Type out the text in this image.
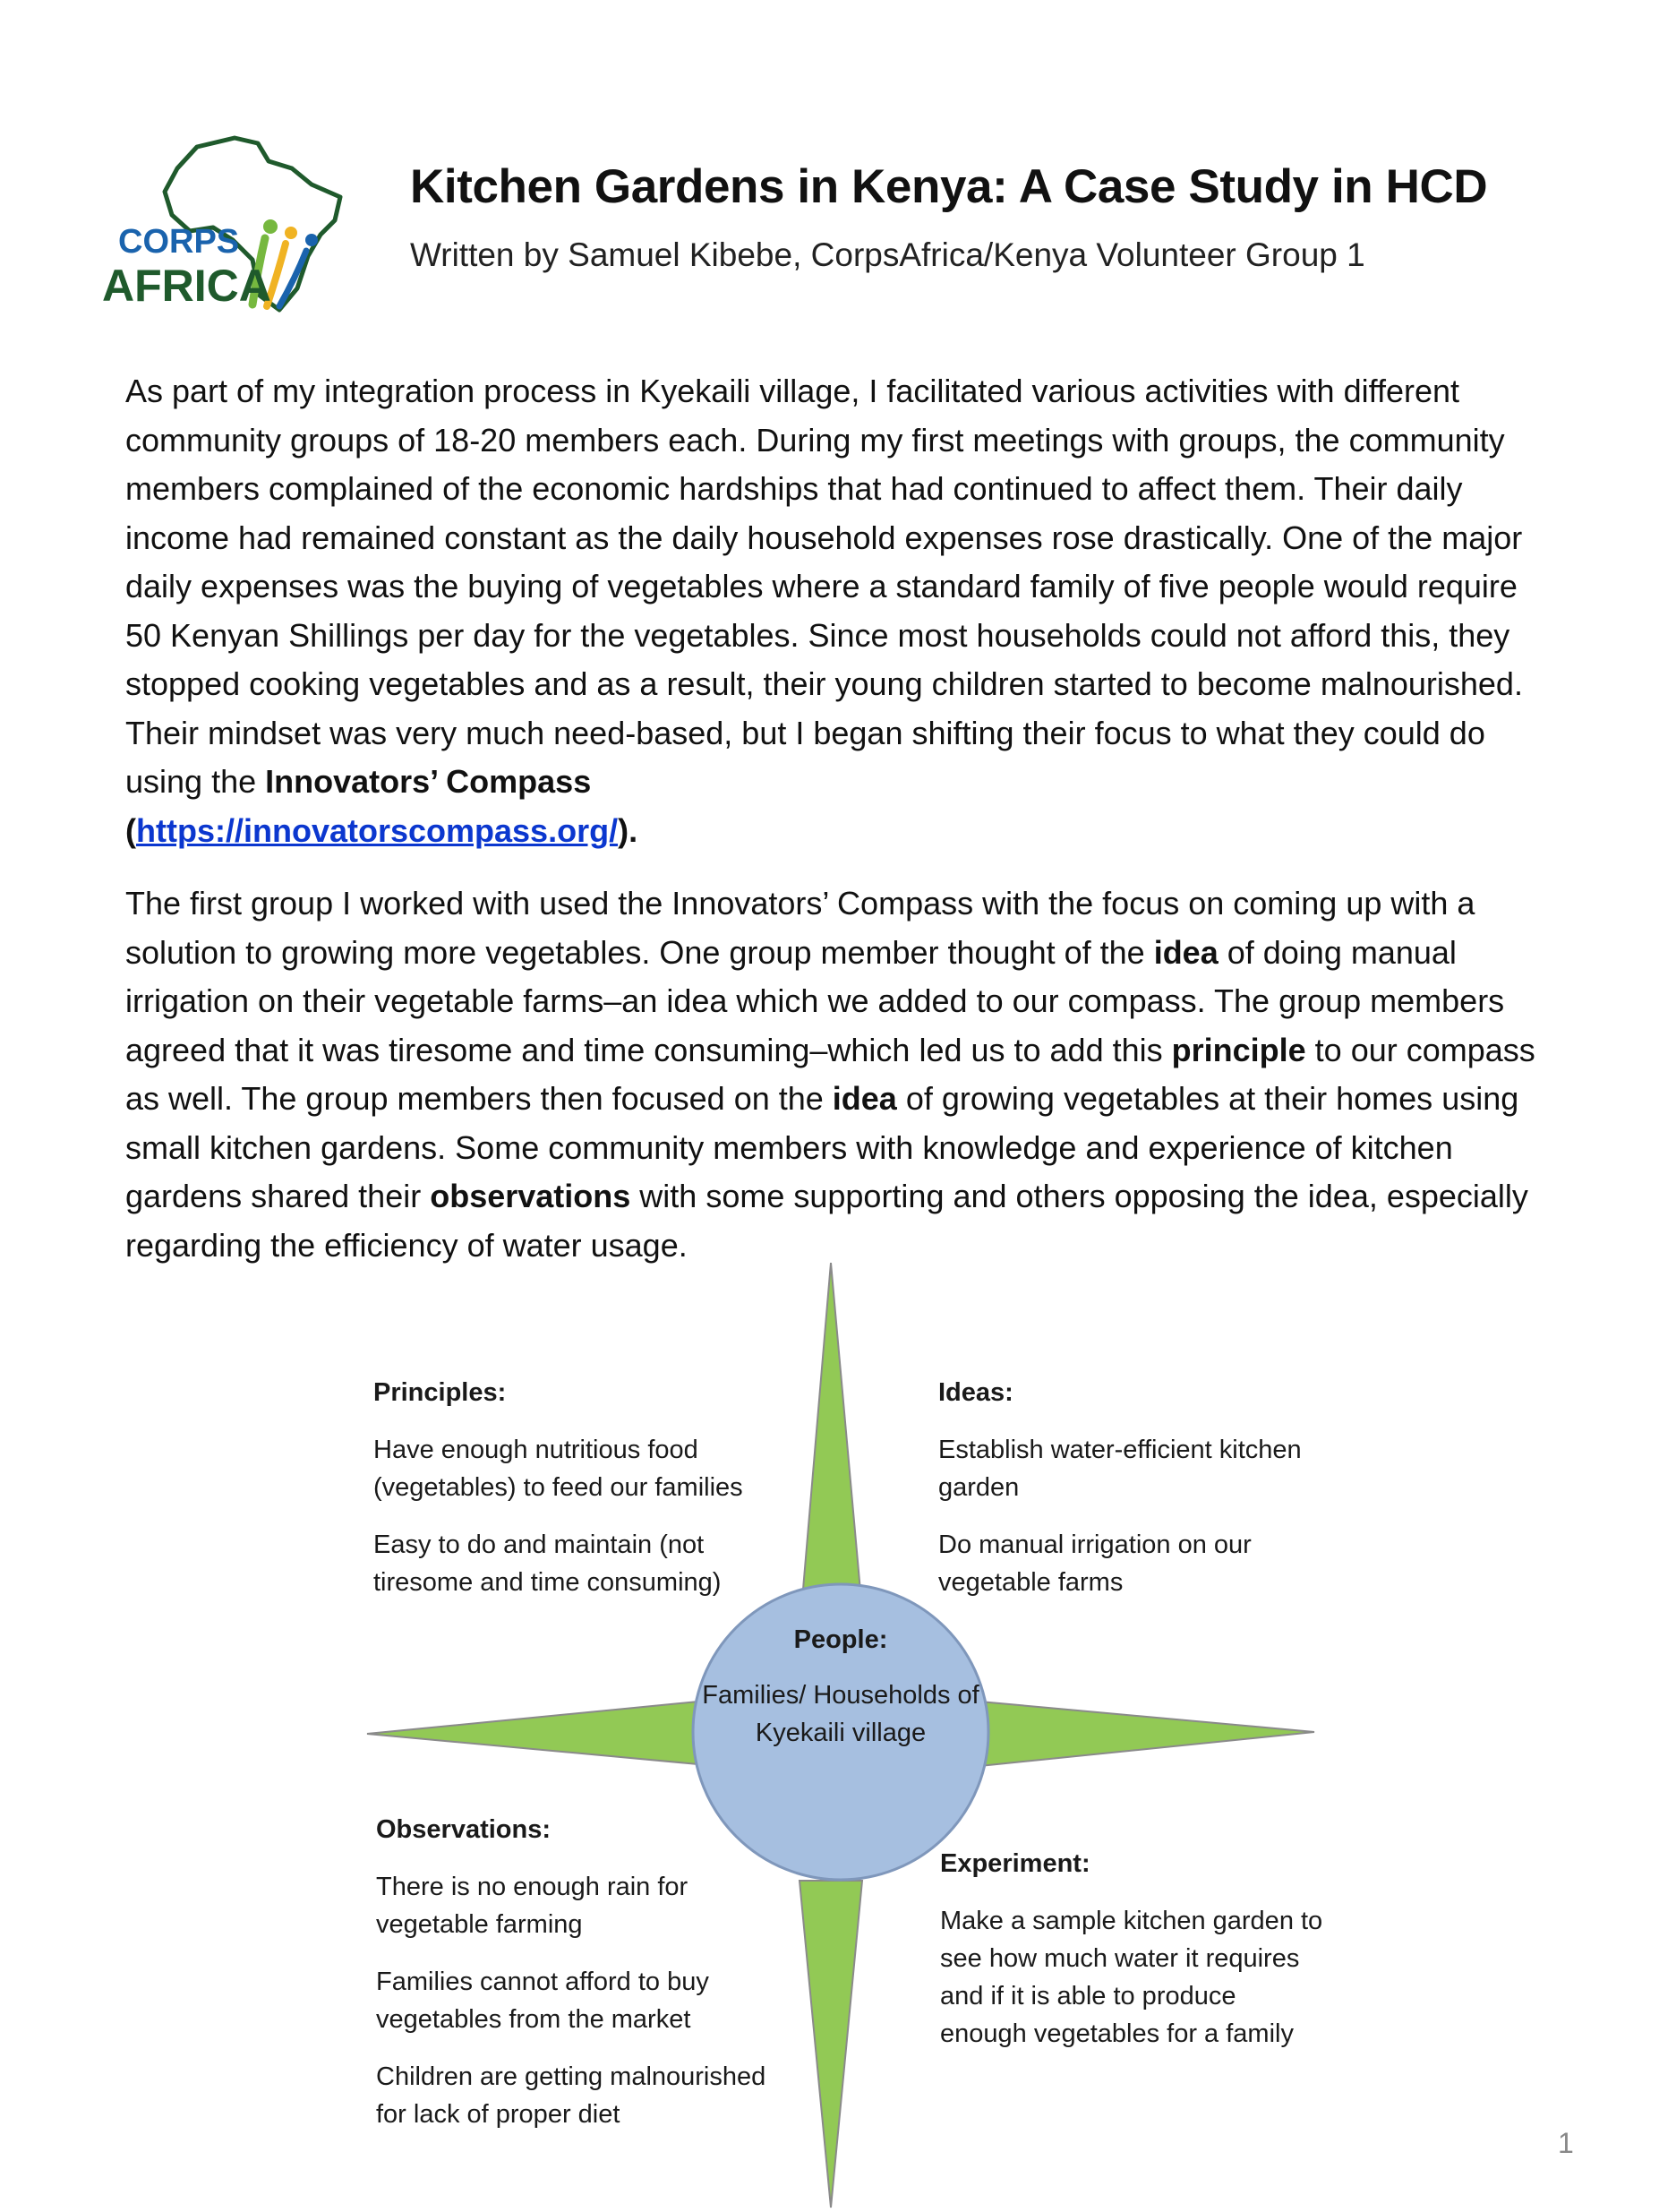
CORPS
AFRICA
Kitchen Gardens in Kenya: A Case Study in HCD

Written by Samuel Kibebe, CorpsAfrica/Kenya Volunteer Group 1

As part of my integration process in Kyekaili village, I facilitated various activities with different community groups of 18-20 members each. During my first meetings with groups, the community members complained of the economic hardships that had continued to affect them. Their daily income had remained constant as the daily household expenses rose drastically. One of the major daily expenses was the buying of vegetables where a standard family of five people would require 50 Kenyan Shillings per day for the vegetables. Since most households could not afford this, they stopped cooking vegetables and as a result, their young children started to become malnourished. Their mindset was very much need-based, but I began shifting their focus to what they could do using the Innovators’ Compass
(https://innovatorscompass.org/).

The first group I worked with used the Innovators’ Compass with the focus on coming up with a solution to growing more vegetables. One group member thought of the idea of doing manual irrigation on their vegetable farms–an idea which we added to our compass. The group members agreed that it was tiresome and time consuming–which led us to add this principle to our compass as well. The group members then focused on the idea of growing vegetables at their homes using small kitchen gardens. Some community members with knowledge and experience of kitchen gardens shared their observations with some supporting and others opposing the idea, especially regarding the efficiency of water usage.

Principles:

Have enough nutritious food (vegetables) to feed our families

Easy to do and maintain (not tiresome and time consuming)

Ideas:

Establish water-efficient kitchen garden

Do manual irrigation on our vegetable farms

People:

Families/ Households of Kyekaili village

Observations:

There is no enough rain for vegetable farming

Families cannot afford to buy vegetables from the market

Children are getting malnourished for lack of proper diet

Experiment:

Make a sample kitchen garden to see how much water it requires and if it is able to produce enough vegetables for a family

1
